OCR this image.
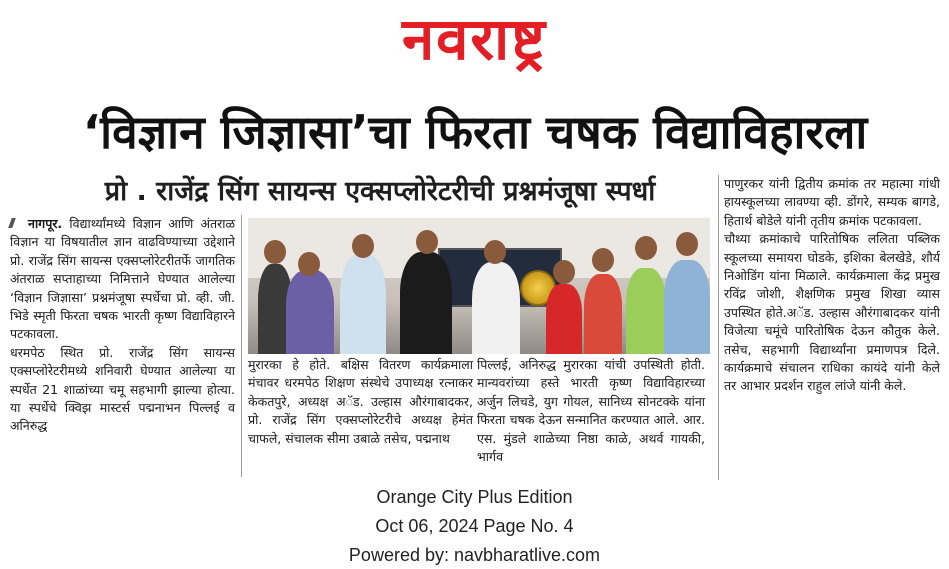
नवराष्ट्र
‘विज्ञान जिज्ञासा’चा फिरता चषक विद्याविहारला
प्रो . राजेंद्र सिंग सायन्स एक्सप्लोरेटरीची प्रश्नमंजूषा स्पर्धा

नागपूर. विद्यार्थ्यांमध्ये विज्ञान आणि अंतराळ विज्ञान या विषयातील ज्ञान वाढविण्याच्या उद्देशाने प्रो. राजेंद्र सिंग सायन्स एक्सप्लोरेटरीतर्फे जागतिक अंतराळ सप्ताहाच्या निमित्ताने घेण्यात आलेल्या ‘विज्ञान जिज्ञासा’ प्रश्नमंजूषा स्पर्धेचा प्रो. व्ही. जी. भिडे स्मृती फिरता चषक भारती कृष्ण विद्याविहारने पटकावला.

धरमपेठ स्थित प्रो. राजेंद्र सिंग सायन्स एक्सप्लोरेटरीमध्ये शनिवारी घेण्यात आलेल्या या स्पर्धेत 21 शाळांच्या चमू सहभागी झाल्या होत्या. या स्पर्धेचे क्विझ मास्टर्स पद्मनाभन पिल्लई व अनिरुद्ध

मुरारका हे होते. बक्षिस वितरण कार्यक्रमाला मंचावर धरमपेठ शिक्षण संस्थेचे उपाध्यक्ष रत्नाकर केकतपुरे, अध्यक्ष अॅड. उल्हास औरंगाबादकर, प्रो. राजेंद्र सिंग एक्सप्लोरेटरीचे अध्यक्ष हेमंत चाफले, संचालक सीमा उबाळे तसेच, पद्मनाथ
पिल्लई, अनिरुद्ध मुरारका यांची उपस्थिती होती. मान्यवरांच्या हस्ते भारती कृष्ण विद्याविहारच्या अर्जुन लिचडे, युग गोयल, सानिध्य सोनटक्के यांना फिरता चषक देऊन सन्मानित करण्यात आले. आर. एस. मुंडले शाळेच्या निष्ठा काळे, अथर्व गायकी, भार्गव

पाणुरकर यांनी द्वितीय क्रमांक तर महात्मा गांधी हायस्कूलच्या लावण्या व्ही. डोंगरे, सम्यक बागडे, हितार्थ बोडेले यांनी तृतीय क्रमांक पटकावला.

चौथ्या क्रमांकाचे पारितोषिक ललिता पब्लिक स्कूलच्या समायरा घोडके, इशिका बेलखेडे, शौर्य निओडिंग यांना मिळाले. कार्यक्रमाला केंद्र प्रमुख रविंद्र जोशी, शैक्षणिक प्रमुख शिखा व्यास उपस्थित होते.अॅड. उल्हास औरंगाबादकर यांनी विजेत्या चमूंचे पारितोषिक देऊन कौतुक केले. तसेच, सहभागी विद्यार्थ्यांना प्रमाणपत्र दिले. कार्यक्रमाचे संचालन राधिका कायंदे यांनी केले तर आभार प्रदर्शन राहुल लांजे यांनी केले.

Orange City Plus Edition
Oct 06, 2024 Page No. 4
Powered by: navbharatlive.com
